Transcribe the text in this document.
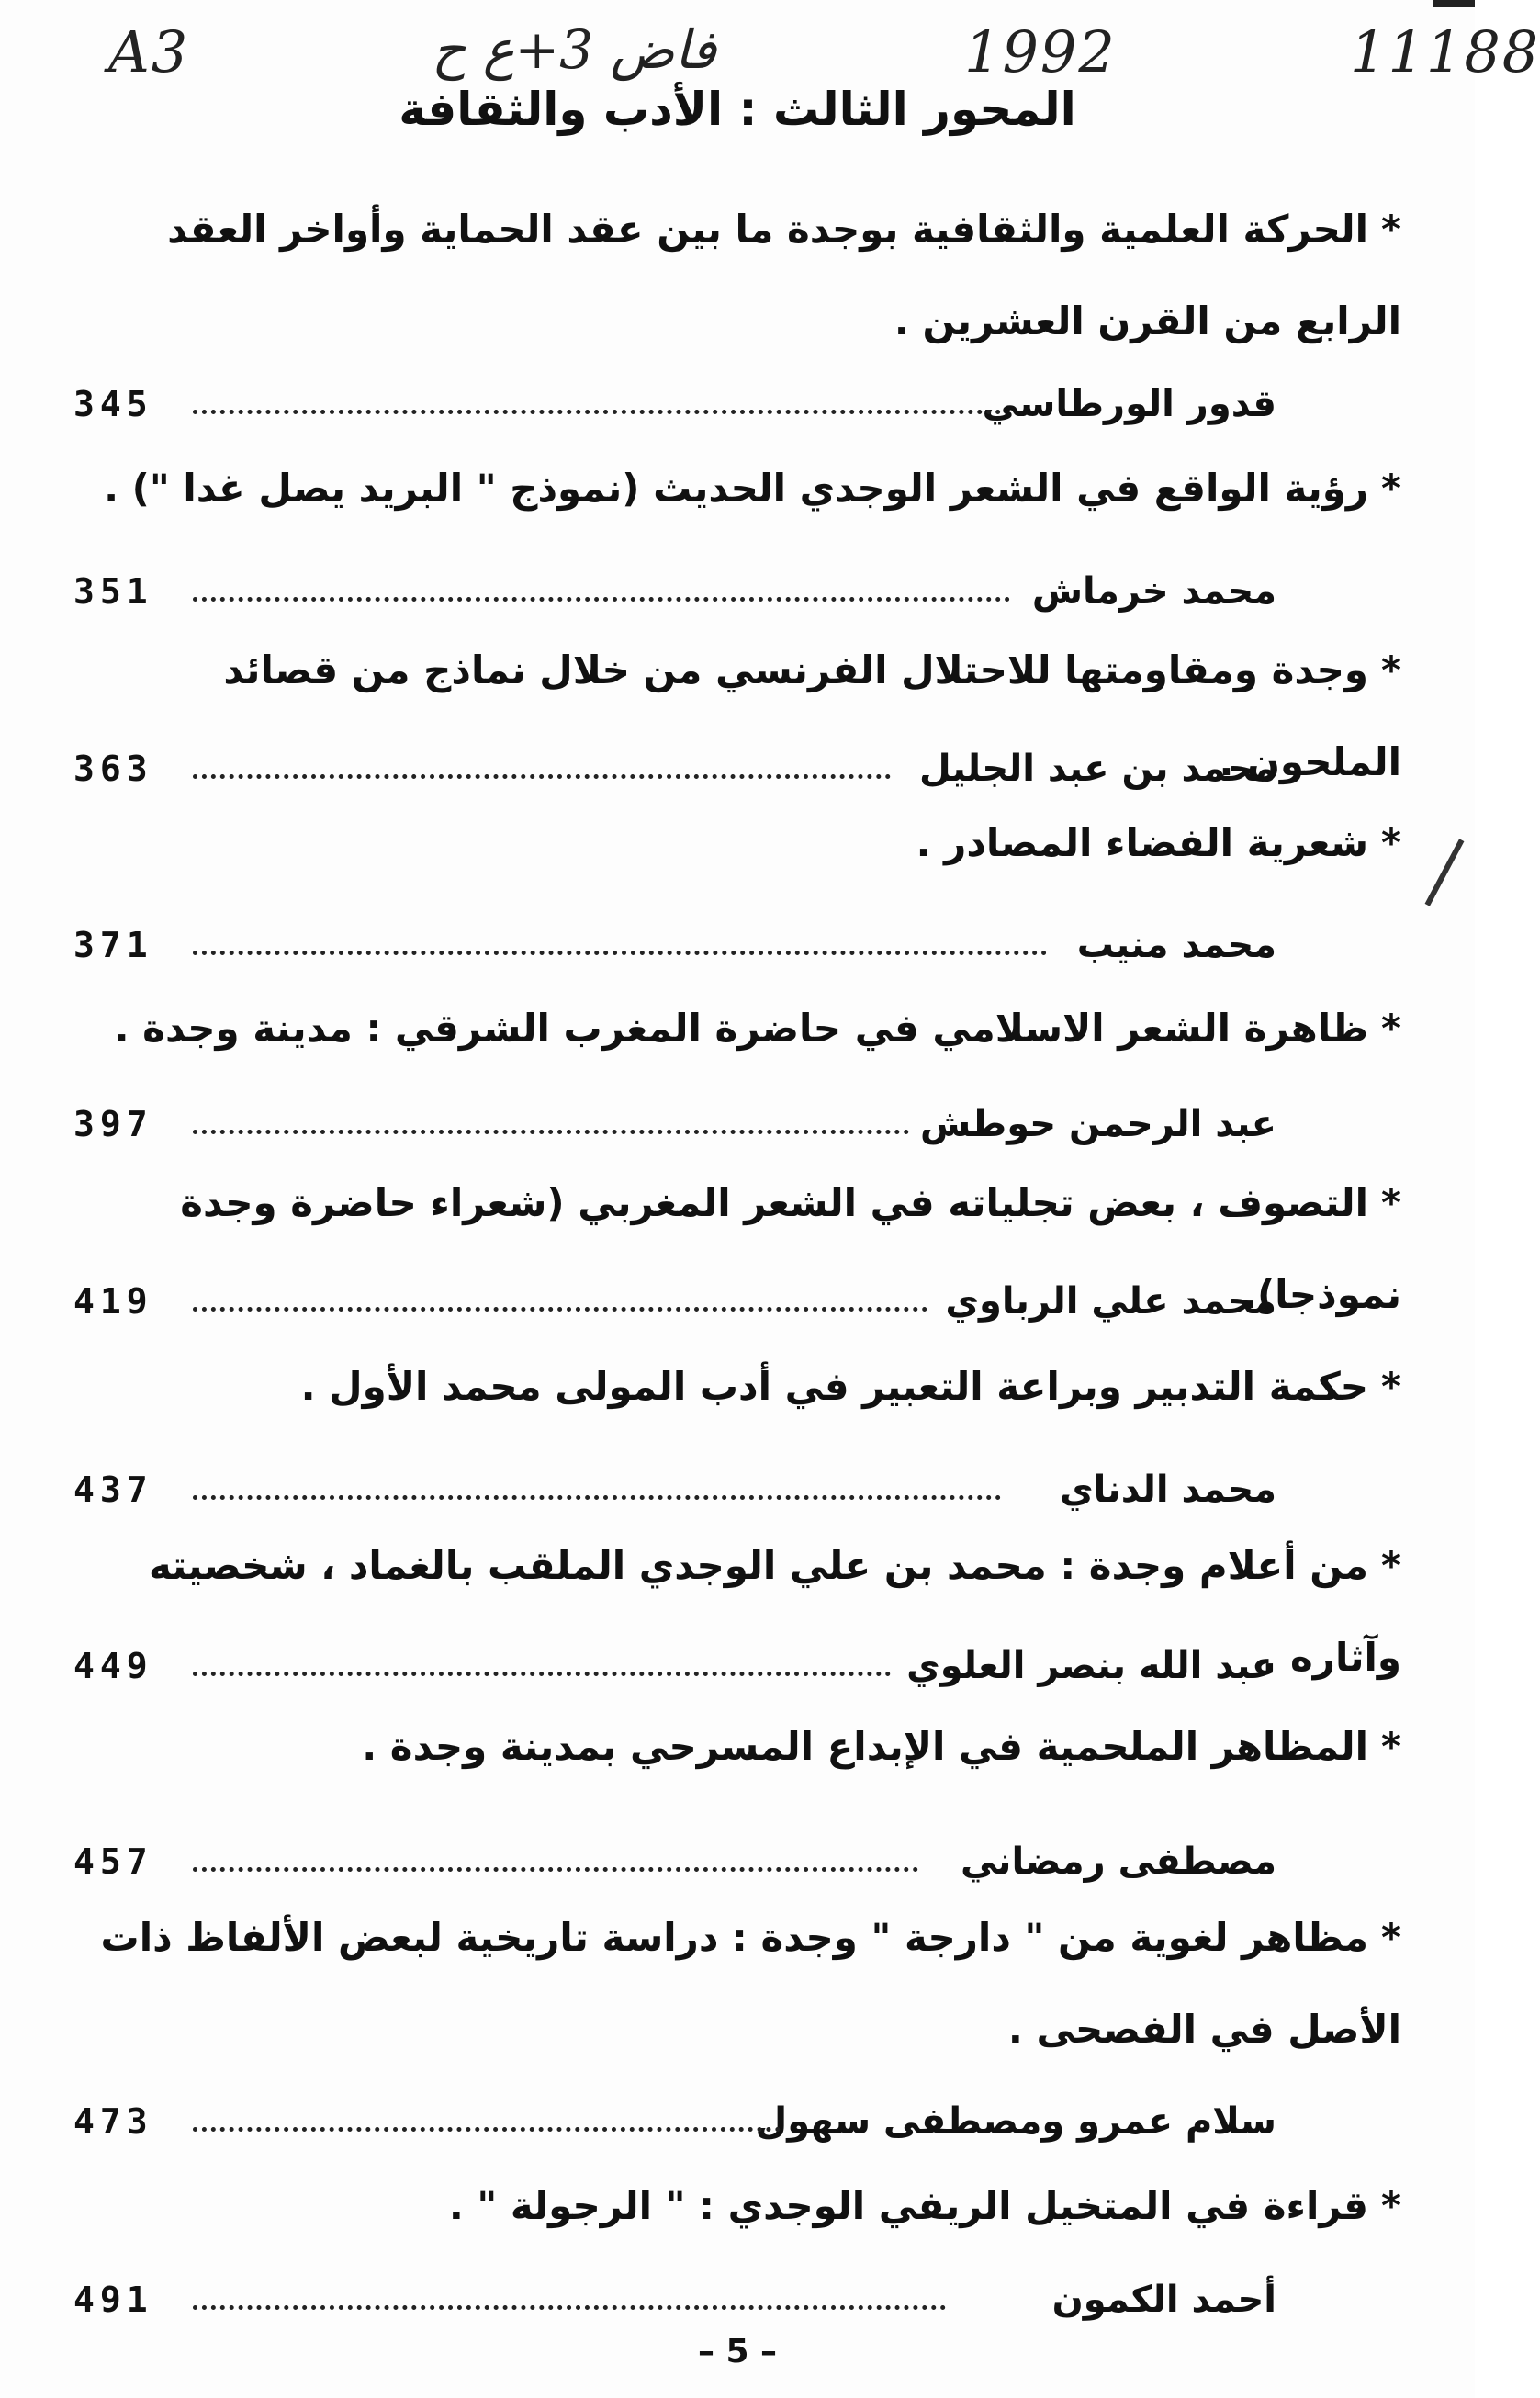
A3	فاض 3+ع ح	1992	11188
المحور الثالث : الأدب والثقافة
*الحركة العلمية والثقافية بوجدة ما بين عقد الحماية وأواخر العقد الرابع من القرن العشرين .
قدور الورطاسي
345
*رؤية الواقع في الشعر الوجدي الحديث (نموذج " البريد يصل غدا ") .
محمد خرماش
351
*وجدة ومقاومتها للاحتلال الفرنسي من خلال نماذج من قصائد الملحون .
محمد بن عبد الجليل
363
*شعرية الفضاء المصادر .
محمد منيب
371
*ظاهرة الشعر الاسلامي في حاضرة المغرب الشرقي : مدينة وجدة .
عبد الرحمن حوطش
397
*التصوف ، بعض تجلياته في الشعر المغربي (شعراء حاضرة وجدة نموذجا).
محمد علي الرباوي
419
*حكمة التدبير وبراعة التعبير في أدب المولى محمد الأول .
محمد الدناي
437
*من أعلام وجدة : محمد بن علي الوجدي الملقب بالغماد ، شخصيته وآثاره .
عبد الله بنصر العلوي
449
*المظاهر الملحمية في الإبداع المسرحي بمدينة وجدة .
مصطفى رمضاني
457
*مظاهر لغوية من " دارجة " وجدة : دراسة تاريخية لبعض الألفاظ ذات الأصل في الفصحى .
سلام عمرو ومصطفى سهول
473
*قراءة في المتخيل الريفي الوجدي : " الرجولة " .
أحمد الكمون
491
– 5 –
